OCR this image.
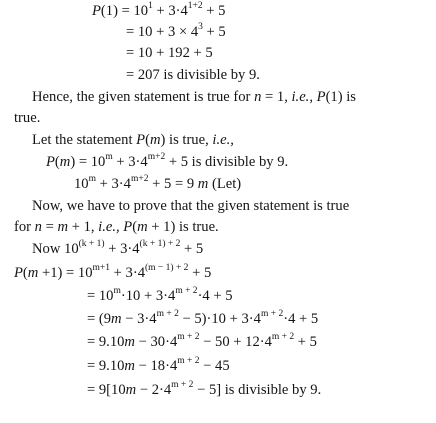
$P(1) = 10^1 + 3\cdot 4^{1+2} + 5$
= $10 + 3 \times 4^3 + 5$
= 10 + 192 + 5
= 207 is divisible by 9.
Hence, the given statement is true for n = 1, i.e., P(1) is
true.
Let the statement P(m) is true, i.e.,
$P(m) = 10^m + 3\cdot 4^{m+2} + 5$ is divisible by 9.
$10^m + 3\cdot 4^{m+2} + 5 = 9$ m (Let)
Now, we have to prove that the given statement is true
for n = m + 1, i.e., P(m + 1) is true.
Now $10^{(k + 1)} + 3\cdot 4^{(k + 1) + 2} + 5$
$P(m +1) = 10^{m+1} + 3\cdot 4^{(m - 1) + 2} + 5$
= $10^m\cdot 10 + 3\cdot 4^{m + 2}\cdot 4 + 5$
= $(9m - 3\cdot 4^{m + 2} - 5)\cdot 10 + 3\cdot 4^{m + 2}\cdot 4 + 5$
= $9.10m - 30\cdot 4^{m + 2} - 50 + 12\cdot 4^{m + 2} + 5$
= $9.10m - 18\cdot 4^{m + 2} - 45$
= $9[10m - 2\cdot 4^{m + 2} - 5]$ is divisible by 9.
